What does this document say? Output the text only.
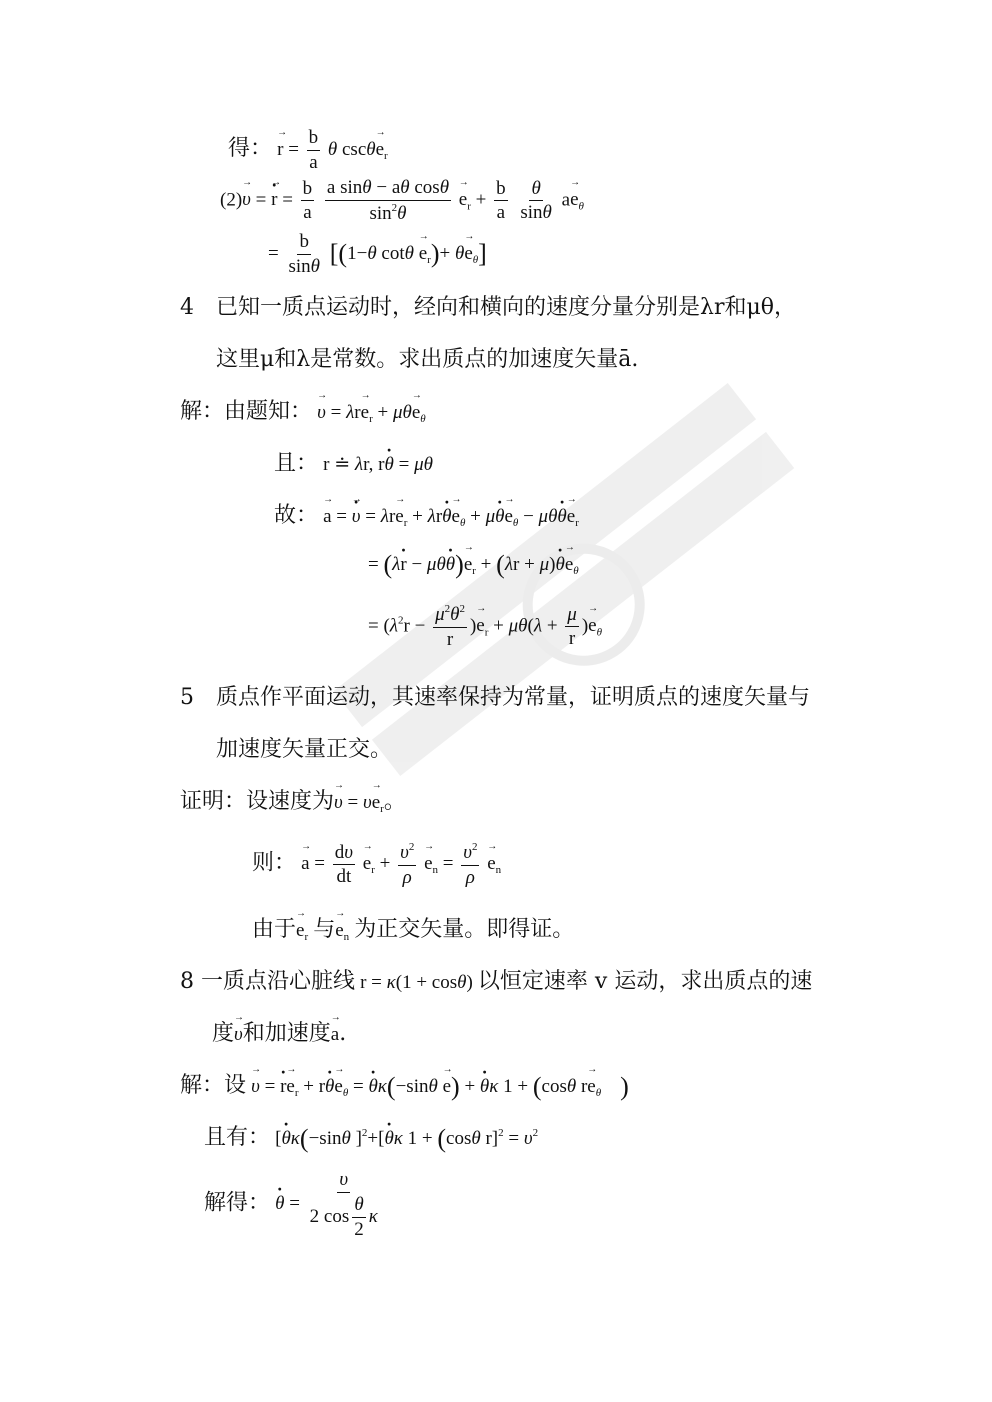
得： → $r = \frac{b}{a}$ θ $\csc\theta\to e_r$
(2)→ υ = · → $r = \frac{b}{a}$
$\frac{\text{a sinθ − aθ cosθ}}{\sin^2\theta}$
→ $e_r + \frac{b}{a}$
$\frac{\theta}{\sin\theta} a\to e_\theta$
= $\frac{b}{\sin\theta} [(1-\theta$ $\cot\theta \to e_r)+ \theta\to e_\theta$]
4　已知一质点运动时，经向和横向的速度分量分别是λr和μθ，
这里μ和λ是常数。求出质点的加速度矢量ā.
解：由题知： → $\upsilon = \lambda r\to e_r + \mu\theta\to e_\theta$
且： r ≐ λr, r· θ = μθ
故： → a = · → $\upsilon = \lambda r\to e_r + \lambda r\cdot \theta\to e_\theta + \mu\cdot \theta\to e_\theta - \mu\theta\cdot \theta\to e_r$
= $(\lambda\cdot r - \mu\theta\cdot \theta)\to e_r + (\lambda r + \mu)\cdot \theta\to e_\theta$
= ($\lambda^2r - \frac{\mu^2\theta^2}{r}$ )→ $e_r + \mu\theta(\lambda + \frac{\mu}{r}$ )→ $e_\theta$
5　质点作平面运动，其速率保持为常量，证明质点的速度矢量与
加速度矢量正交。
证明：设速度为→ $\upsilon = \upsilon\to e_r$。
则： → $a = \frac{d\upsilon}{dt}$
→ $e_r + \frac{\upsilon^2}{\rho}$
→ $e_n = \frac{\upsilon^2}{\rho}$
→ $e_n$
由于→ $e_r$ 与→ $e_n$ 为正交矢量。即得证。
8 一质点沿心脏线 r = κ(1 + cosθ) 以恒定速率 v 运动，求出质点的速
度→ υ和加速度→ a.
解：设 → υ = · $r\to e_r + r\cdot \theta\to e_\theta$ = · θκ(−sinθ → e) + · θκ 1 + (cosθ $r\to e_\theta$　 )
且有： [· θκ(−sinθ ]$^2$+[· θκ 1 + (cosθ $r]^2 = \upsilon^2$
解得： · $\theta = \frac{\upsilon}{2 \cos \frac{\theta}{2} \kappa}$
